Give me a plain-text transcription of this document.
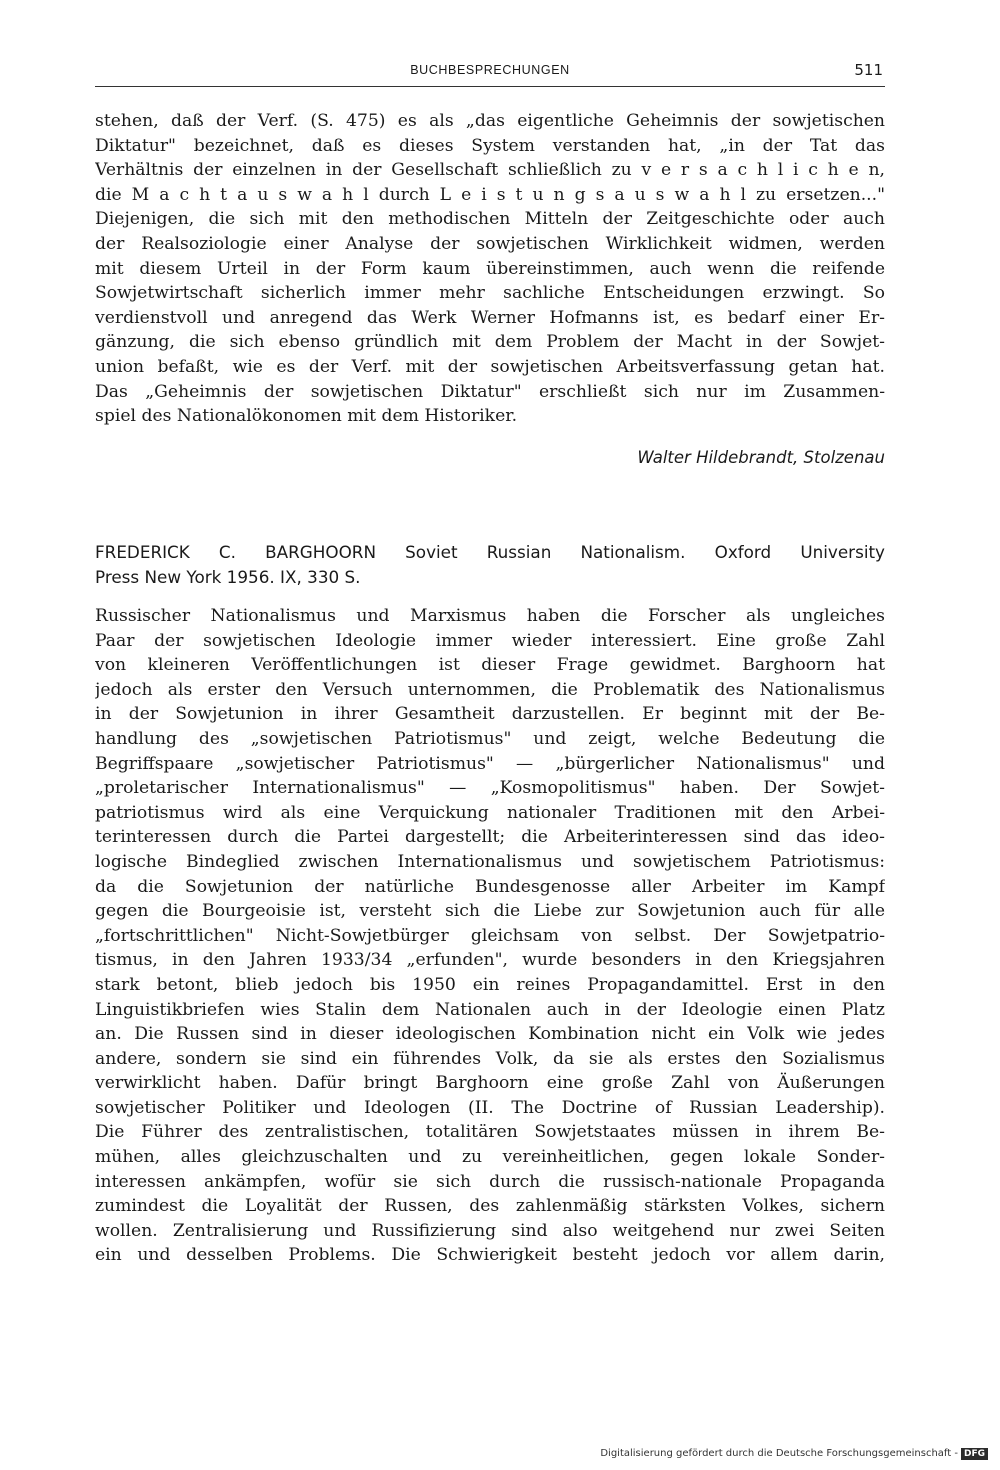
BUCHBESPRECHUNGEN	511
stehen, daß der Verf. (S. 475) es als „das eigentliche Geheimnis der sowjetischen
Diktatur" bezeichnet, daß es dieses System verstanden hat, „in der Tat das
Verhältnis der einzelnen in der Gesellschaft schließlich zu v e r s a c h l i c h e n,
die M a c h t a u s w a h l durch L e i s t u n g s a u s w a h l zu ersetzen..."
Diejenigen, die sich mit den methodischen Mitteln der Zeitgeschichte oder auch
der Realsoziologie einer Analyse der sowjetischen Wirklichkeit widmen, werden
mit diesem Urteil in der Form kaum übereinstimmen, auch wenn die reifende
Sowjetwirtschaft sicherlich immer mehr sachliche Entscheidungen erzwingt. So
verdienstvoll und anregend das Werk Werner Hofmanns ist, es bedarf einer Er-
gänzung, die sich ebenso gründlich mit dem Problem der Macht in der Sowjet-
union befaßt, wie es der Verf. mit der sowjetischen Arbeitsverfassung getan hat.
Das „Geheimnis der sowjetischen Diktatur" erschließt sich nur im Zusammen-
spiel des Nationalökonomen mit dem Historiker.
Walter Hildebrandt, Stolzenau
FREDERICK C. BARGHOORN Soviet Russian Nationalism. Oxford University
Press New York 1956. IX, 330 S.
Russischer Nationalismus und Marxismus haben die Forscher als ungleiches
Paar der sowjetischen Ideologie immer wieder interessiert. Eine große Zahl
von kleineren Veröffentlichungen ist dieser Frage gewidmet. Barghoorn hat
jedoch als erster den Versuch unternommen, die Problematik des Nationalismus
in der Sowjetunion in ihrer Gesamtheit darzustellen. Er beginnt mit der Be-
handlung des „sowjetischen Patriotismus" und zeigt, welche Bedeutung die
Begriffspaare „sowjetischer Patriotismus" — „bürgerlicher Nationalismus" und
„proletarischer Internationalismus" — „Kosmopolitismus" haben. Der Sowjet-
patriotismus wird als eine Verquickung nationaler Traditionen mit den Arbei-
terinteressen durch die Partei dargestellt; die Arbeiterinteressen sind das ideo-
logische Bindeglied zwischen Internationalismus und sowjetischem Patriotismus:
da die Sowjetunion der natürliche Bundesgenosse aller Arbeiter im Kampf
gegen die Bourgeoisie ist, versteht sich die Liebe zur Sowjetunion auch für alle
„fortschrittlichen" Nicht-Sowjetbürger gleichsam von selbst. Der Sowjetpatrio-
tismus, in den Jahren 1933/34 „erfunden", wurde besonders in den Kriegsjahren
stark betont, blieb jedoch bis 1950 ein reines Propagandamittel. Erst in den
Linguistikbriefen wies Stalin dem Nationalen auch in der Ideologie einen Platz
an. Die Russen sind in dieser ideologischen Kombination nicht ein Volk wie jedes
andere, sondern sie sind ein führendes Volk, da sie als erstes den Sozialismus
verwirklicht haben. Dafür bringt Barghoorn eine große Zahl von Äußerungen
sowjetischer Politiker und Ideologen (II. The Doctrine of Russian Leadership).
Die Führer des zentralistischen, totalitären Sowjetstaates müssen in ihrem Be-
mühen, alles gleichzuschalten und zu vereinheitlichen, gegen lokale Sonder-
interessen ankämpfen, wofür sie sich durch die russisch-nationale Propaganda
zumindest die Loyalität der Russen, des zahlenmäßig stärksten Volkes, sichern
wollen. Zentralisierung und Russifizierung sind also weitgehend nur zwei Seiten
ein und desselben Problems. Die Schwierigkeit besteht jedoch vor allem darin,
Digitalisierung gefördert durch die Deutsche Forschungsgemeinschaft - DFG
